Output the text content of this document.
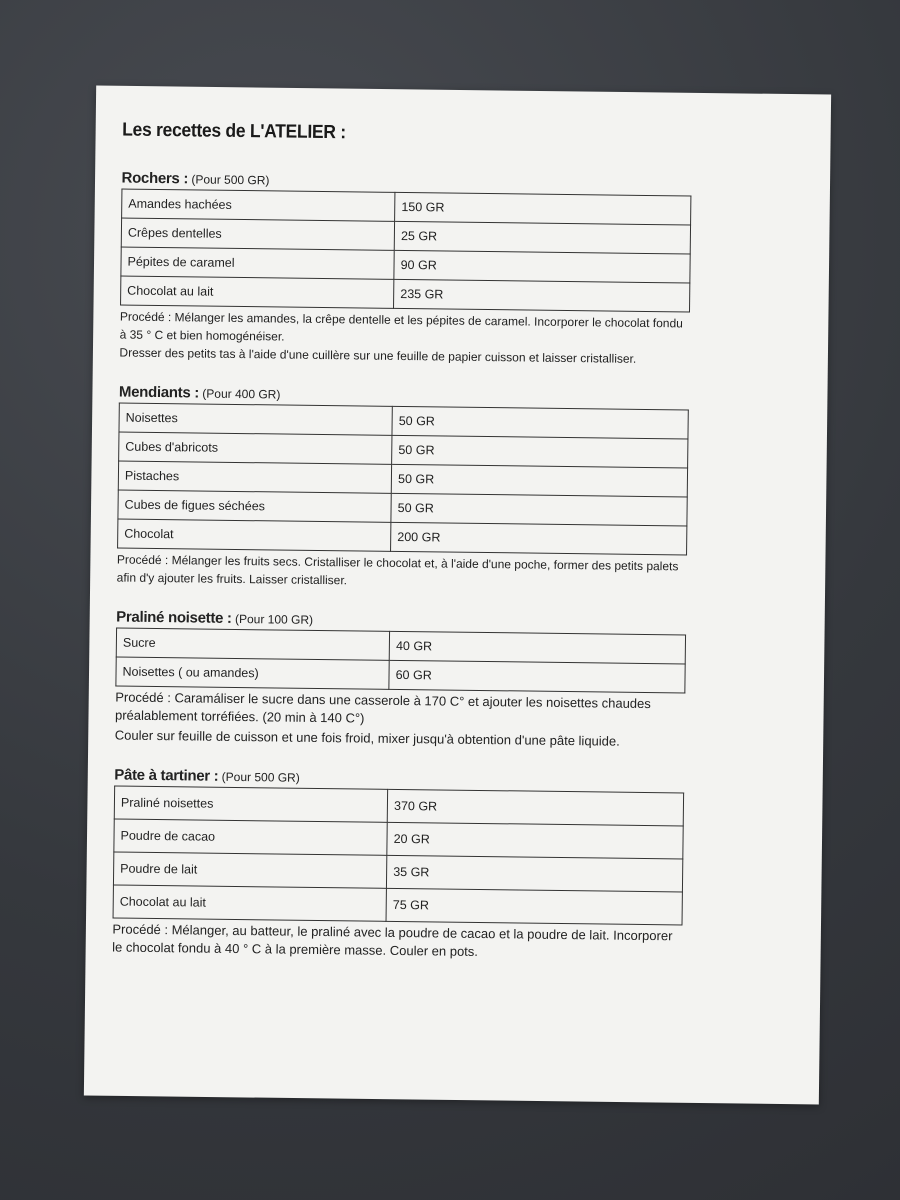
Les recettes de L'ATELIER :
Rochers : (Pour 500 GR)
Amandes hachées	150 GR
Crêpes dentelles	25 GR
Pépites de caramel	90 GR
Chocolat au lait	235 GR
Procédé : Mélanger les amandes, la crêpe dentelle et les pépites de caramel. Incorporer le chocolat fondu à 35 ° C et bien homogénéiser.
Dresser des petits tas à l'aide d'une cuillère sur une feuille de papier cuisson et laisser cristalliser.
Mendiants : (Pour 400 GR)
Noisettes	50 GR
Cubes d'abricots	50 GR
Pistaches	50 GR
Cubes de figues séchées	50 GR
Chocolat	200 GR
Procédé : Mélanger les fruits secs. Cristalliser le chocolat et, à l'aide d'une poche, former des petits palets afin d'y ajouter les fruits. Laisser cristalliser.
Praliné noisette : (Pour 100 GR)
Sucre	40 GR
Noisettes ( ou amandes)	60 GR
Procédé : Caramáliser le sucre dans une casserole à 170 C° et ajouter les noisettes chaudes préalablement torréfiées. (20 min à 140 C°)
Couler sur feuille de cuisson et une fois froid, mixer jusqu'à obtention d'une pâte liquide.
Pâte à tartiner : (Pour 500 GR)
Praliné noisettes	370 GR
Poudre de cacao	20 GR
Poudre de lait	35 GR
Chocolat au lait	75 GR
Procédé : Mélanger, au batteur, le praliné avec la poudre de cacao et la poudre de lait. Incorporer le chocolat fondu à 40 ° C à la première masse. Couler en pots.
